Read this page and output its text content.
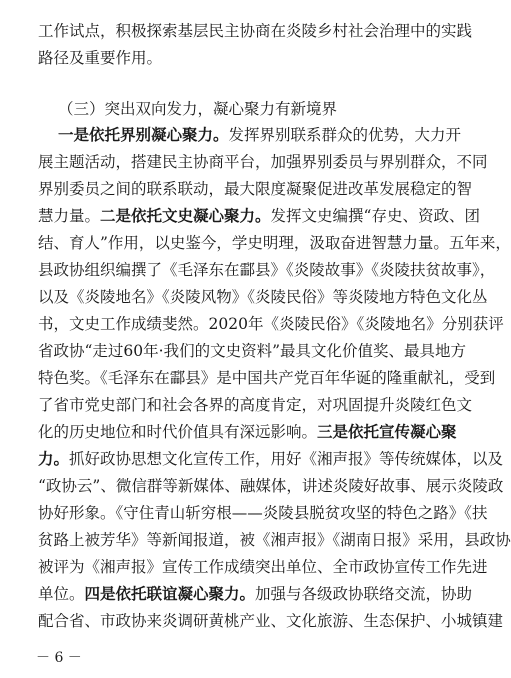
工作试点，积极探索基层民主协商在炎陵乡村社会治理中的实践
路径及重要作用。
（三）突出双向发力，凝心聚力有新境界
一是依托界别凝心聚力。发挥界别联系群众的优势，大力开
展主题活动，搭建民主协商平台，加强界别委员与界别群众，不同
界别委员之间的联系联动，最大限度凝聚促进改革发展稳定的智
慧力量。二是依托文史凝心聚力。发挥文史编撰“存史、资政、团
结、育人”作用，以史鉴今，学史明理，汲取奋进智慧力量。五年来，
县政协组织编撰了《毛泽东在酃县》《炎陵故事》《炎陵扶贫故事》，
以及《炎陵地名》《炎陵风物》《炎陵民俗》等炎陵地方特色文化丛
书，文史工作成绩斐然。2020年《炎陵民俗》《炎陵地名》分别获评
省政协“走过60年·我们的文史资料”最具文化价值奖、最具地方
特色奖。《毛泽东在酃县》是中国共产党百年华诞的隆重献礼，受到
了省市党史部门和社会各界的高度肯定，对巩固提升炎陵红色文
化的历史地位和时代价值具有深远影响。三是依托宣传凝心聚
力。抓好政协思想文化宣传工作，用好《湘声报》等传统媒体，以及
“政协云”、微信群等新媒体、融媒体，讲述炎陵好故事、展示炎陵政
协好形象。《守住青山斩穷根——炎陵县脱贫攻坚的特色之路》《扶
贫路上被芳华》等新闻报道，被《湘声报》《湖南日报》采用，县政协
被评为《湘声报》宣传工作成绩突出单位、全市政协宣传工作先进
单位。四是依托联谊凝心聚力。加强与各级政协联络交流，协助
配合省、市政协来炎调研黄桃产业、文化旅游、生态保护、小城镇建
－ 6 －
